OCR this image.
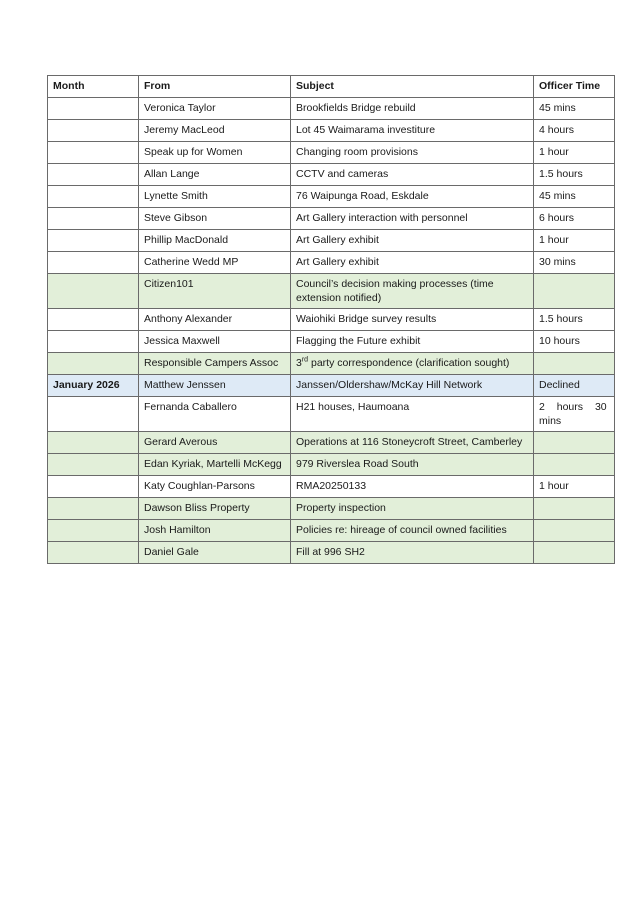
Month	From	Subject	Officer Time
	Veronica Taylor	Brookfields Bridge rebuild	45 mins
	Jeremy MacLeod	Lot 45 Waimarama investiture	4 hours
	Speak up for Women	Changing room provisions	1 hour
	Allan Lange	CCTV and cameras	1.5 hours
	Lynette Smith	76 Waipunga Road, Eskdale	45 mins
	Steve Gibson	Art Gallery interaction with personnel	6 hours
	Phillip MacDonald	Art Gallery exhibit	1 hour
	Catherine Wedd MP	Art Gallery exhibit	30 mins
	Citizen101	Council’s decision making processes (time extension notified)	
	Anthony Alexander	Waiohiki Bridge survey results	1.5 hours
	Jessica Maxwell	Flagging the Future exhibit	10 hours
	Responsible Campers Assoc	3rd party correspondence (clarification sought)	
January 2026	Matthew Jenssen	Janssen/Oldershaw/McKay Hill Network	Declined
	Fernanda Caballero	H21 houses, Haumoana	2 hours 30 mins
	Gerard Averous	Operations at 116 Stoneycroft Street, Camberley	
	Edan Kyriak, Martelli McKegg	979 Riverslea Road South	
	Katy Coughlan-Parsons	RMA20250133	1 hour
	Dawson Bliss Property	Property inspection	
	Josh Hamilton	Policies re: hireage of council owned facilities	
	Daniel Gale	Fill at 996 SH2	
